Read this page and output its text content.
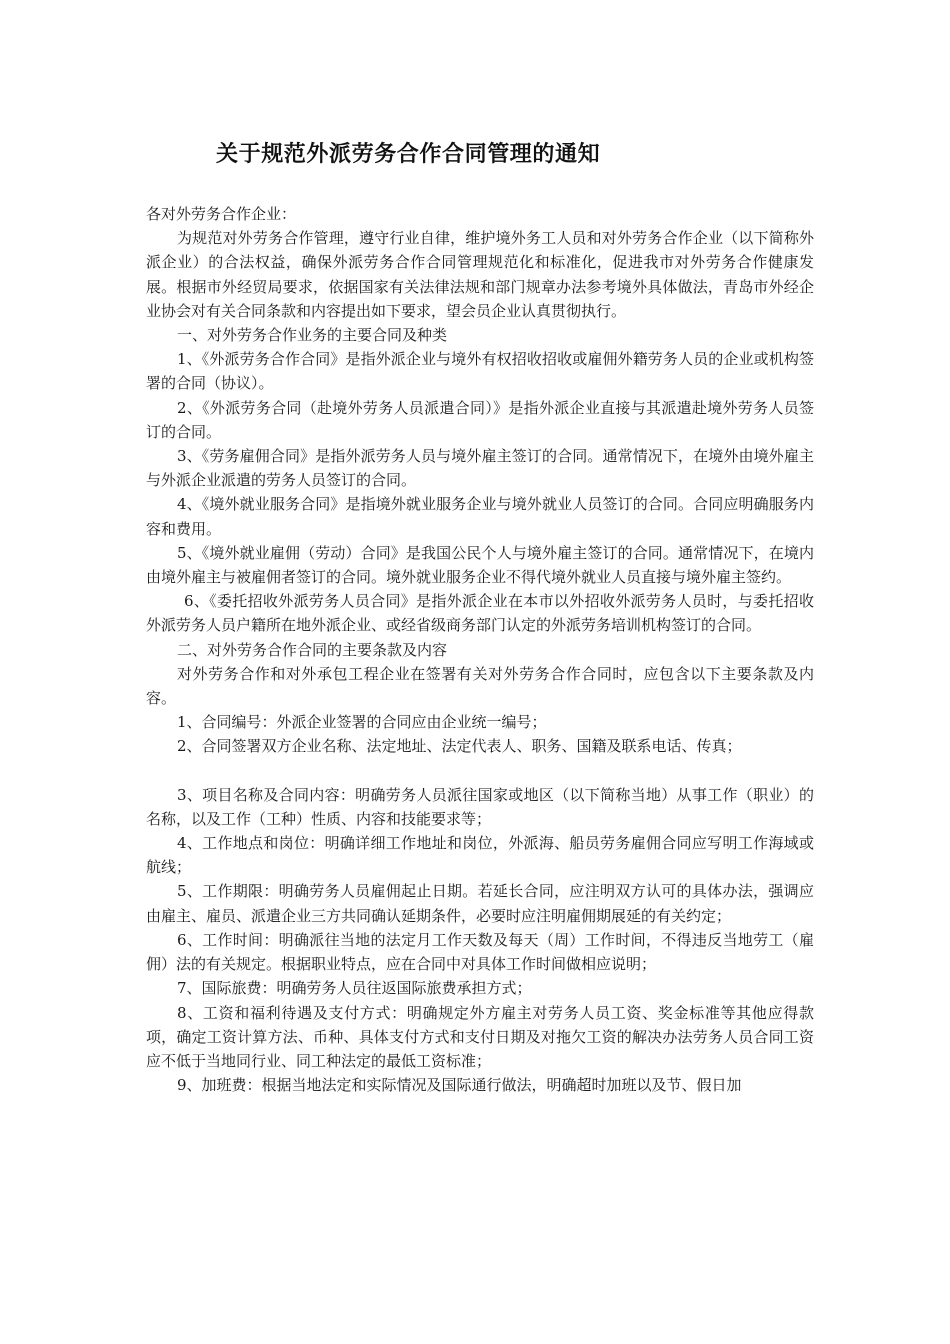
关于规范外派劳务合作合同管理的通知

各对外劳务合作企业：

为规范对外劳务合作管理，遵守行业自律，维护境外务工人员和对外劳务合作企业（以下简称外派企业）的合法权益，确保外派劳务合作合同管理规范化和标准化，促进我市对外劳务合作健康发展。根据市外经贸局要求，依据国家有关法律法规和部门规章办法参考境外具体做法，青岛市外经企业协会对有关合同条款和内容提出如下要求，望会员企业认真贯彻执行。

一、对外劳务合作业务的主要合同及种类

1、《外派劳务合作合同》是指外派企业与境外有权招收招收或雇佣外籍劳务人员的企业或机构签署的合同（协议）。

2、《外派劳务合同（赴境外劳务人员派遣合同）》是指外派企业直接与其派遣赴境外劳务人员签订的合同。

3、《劳务雇佣合同》是指外派劳务人员与境外雇主签订的合同。通常情况下，在境外由境外雇主与外派企业派遣的劳务人员签订的合同。

4、《境外就业服务合同》是指境外就业服务企业与境外就业人员签订的合同。合同应明确服务内容和费用。

5、《境外就业雇佣（劳动）合同》是我国公民个人与境外雇主签订的合同。通常情况下，在境内由境外雇主与被雇佣者签订的合同。境外就业服务企业不得代境外就业人员直接与境外雇主签约。

6、《委托招收外派劳务人员合同》是指外派企业在本市以外招收外派劳务人员时，与委托招收外派劳务人员户籍所在地外派企业、或经省级商务部门认定的外派劳务培训机构签订的合同。

二、对外劳务合作合同的主要条款及内容

对外劳务合作和对外承包工程企业在签署有关对外劳务合作合同时，应包含以下主要条款及内容。

1、合同编号：外派企业签署的合同应由企业统一编号；

2、合同签署双方企业名称、法定地址、法定代表人、职务、国籍及联系电话、传真；

3、项目名称及合同内容：明确劳务人员派往国家或地区（以下简称当地）从事工作（职业）的名称，以及工作（工种）性质、内容和技能要求等；

4、工作地点和岗位：明确详细工作地址和岗位，外派海、船员劳务雇佣合同应写明工作海域或航线；

5、工作期限：明确劳务人员雇佣起止日期。若延长合同，应注明双方认可的具体办法，强调应由雇主、雇员、派遣企业三方共同确认延期条件，必要时应注明雇佣期展延的有关约定；

6、工作时间：明确派往当地的法定月工作天数及每天（周）工作时间，不得违反当地劳工（雇佣）法的有关规定。根据职业特点，应在合同中对具体工作时间做相应说明；

7、国际旅费：明确劳务人员往返国际旅费承担方式；

8、工资和福利待遇及支付方式：明确规定外方雇主对劳务人员工资、奖金标准等其他应得款项，确定工资计算方法、币种、具体支付方式和支付日期及对拖欠工资的解决办法劳务人员合同工资应不低于当地同行业、同工种法定的最低工资标准；

9、加班费：根据当地法定和实际情况及国际通行做法，明确超时加班以及节、假日加
